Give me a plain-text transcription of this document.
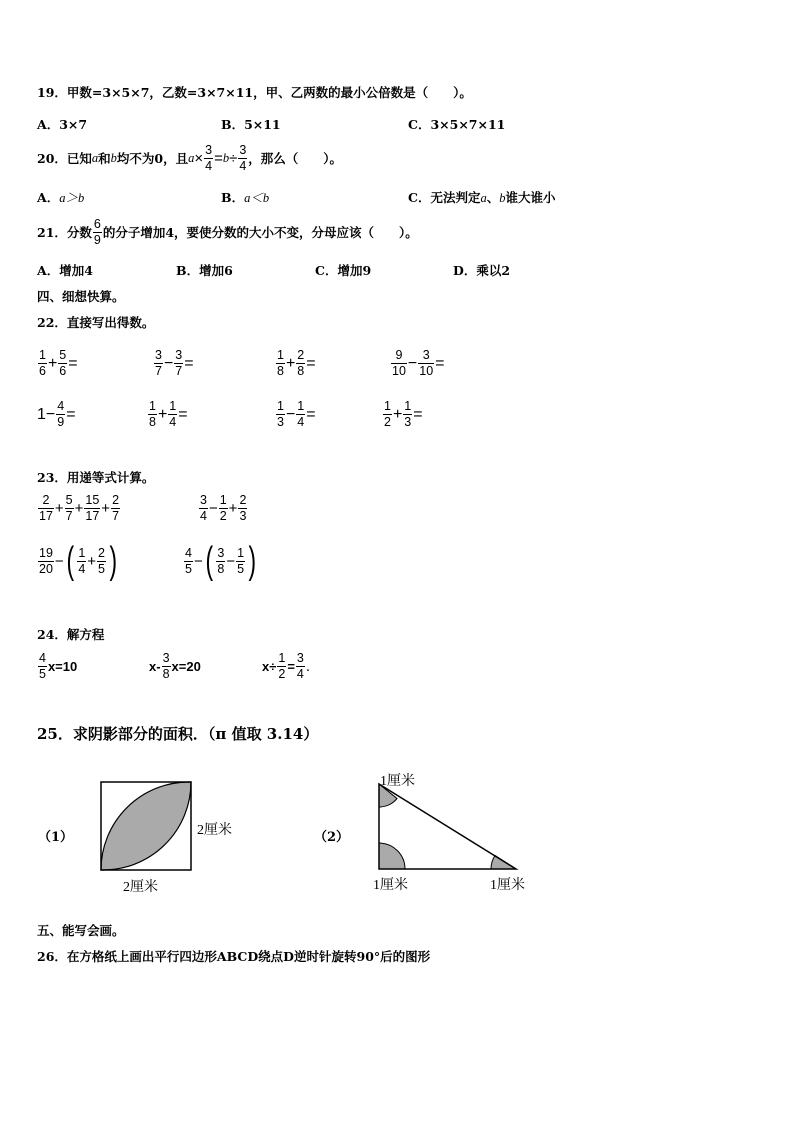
19．甲数=3×5×7，乙数=3×7×11，甲、乙两数的最小公倍数是（　　）。
A．3×7	B．5×11	C．3×5×7×11
20．已知 a 和 b 均不为0，且 $a \times \frac{3}{4} = b \div \frac{3}{4}$ ，那么（　　）。
A．a＞b	B．a＜b	C．无法判定a、b谁大谁小
21．分数 $\frac{6}{9}$ 的分子增加4，要使分数的大小不变，分母应该（　　）。
A．增加4	B．增加6	C．增加9	D．乘以2
四、细想快算。
22．直接写出得数。
$\frac{1}{6} + \frac{5}{6}$ =	$\frac{3}{7} - \frac{3}{7}$ =	$\frac{1}{8} + \frac{2}{8}$ =	$\frac{9}{10} - \frac{3}{10}$ =
$1- \frac{4}{9}$ =	$\frac{1}{8} + \frac{1}{4}$ =	$\frac{1}{3} - \frac{1}{4}$ =	$\frac{1}{2} + \frac{1}{3}$ =
23．用递等式计算。
$\frac{2}{17} + \frac{5}{7} + \frac{15}{17} + \frac{2}{7}$	$\frac{3}{4} - \frac{1}{2} + \frac{2}{3}$
$\frac{19}{20}$ −( $\frac{1}{4} + \frac{2}{5}$ )	$\frac{4}{5}$ −( $\frac{3}{8} - \frac{1}{5}$ )
24．解方程
$\frac{4}{5} x=10$	$x- \frac{3}{8} x=20$	$x\div \frac{1}{2} = \frac{3}{4}$ .
25．求阴影部分的面积．（π 值取 3.14）
（1）	2厘米
2厘米
（2）
1厘米
1厘米	1厘米
五、能写会画。
26．在方格纸上画出平行四边形ABCD绕点D逆时针旋转90°后的图形
